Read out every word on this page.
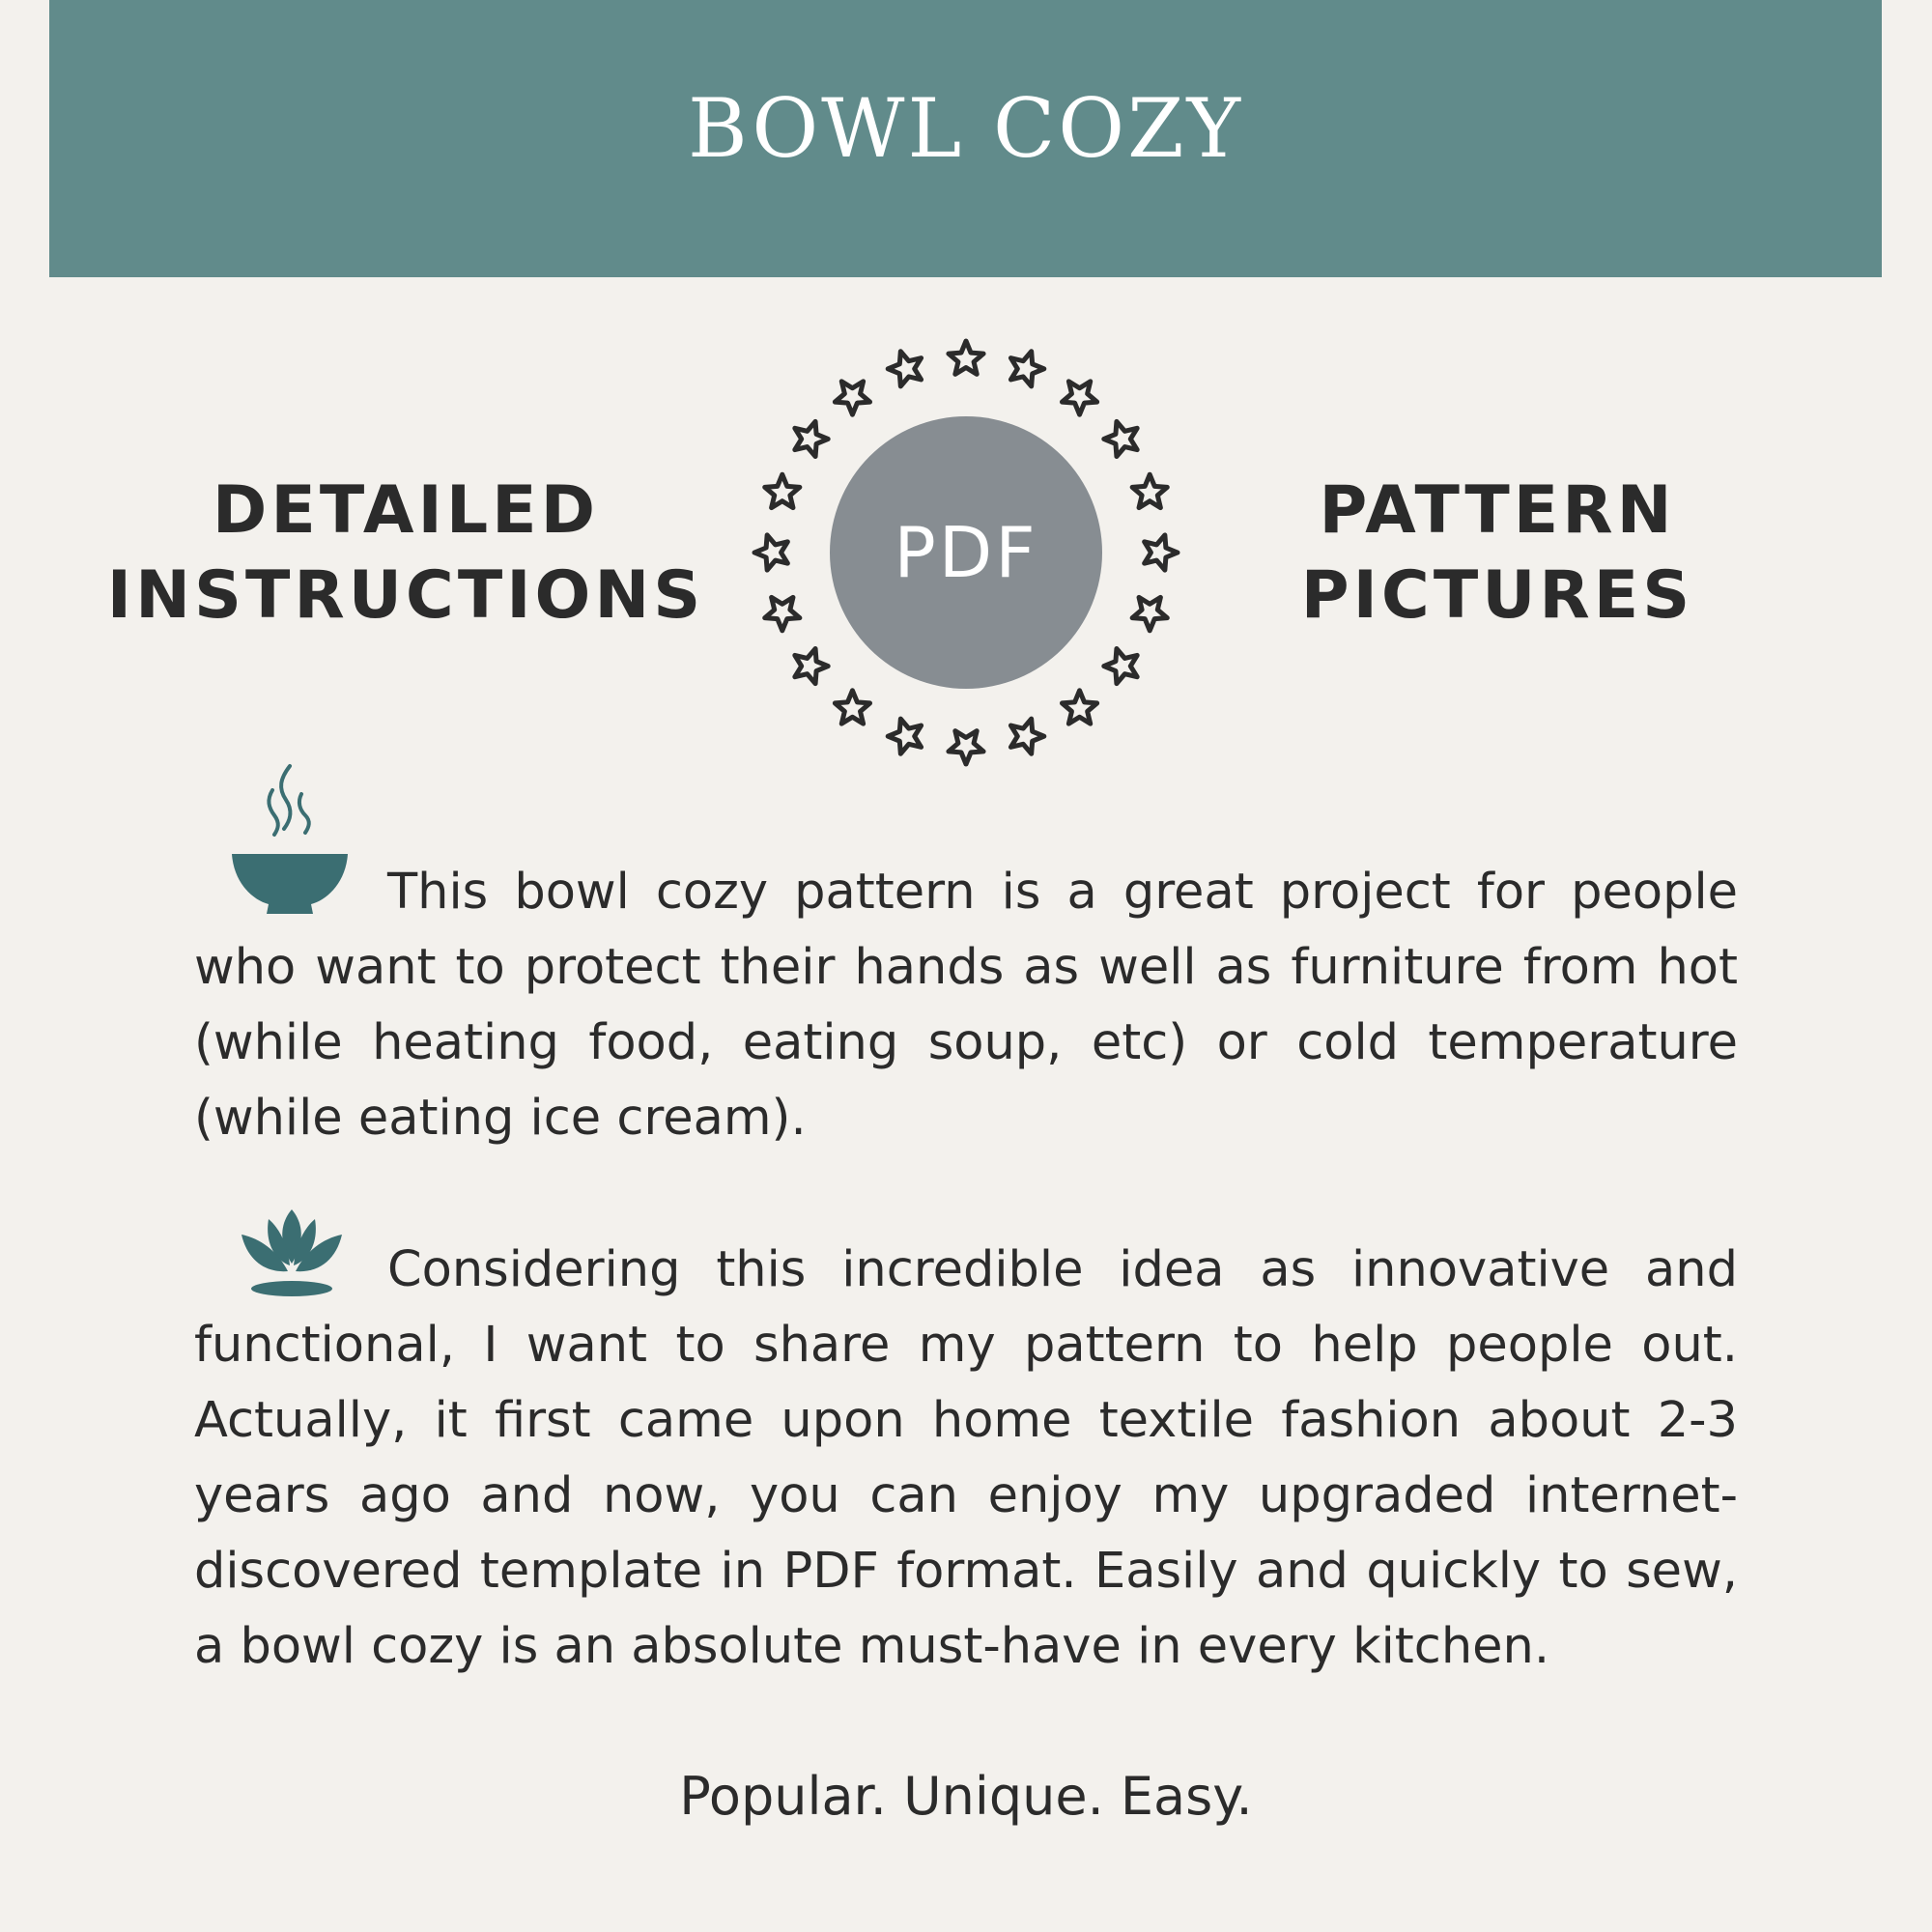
BOWL COZY
DETAILED
INSTRUCTIONS
PDF
PATTERN
PICTURES

This bowl cozy pattern is a great project for people who want to protect their hands as well as furniture from hot (while heating food, eating soup, etc) or cold temperature (while eating ice cream).

Considering this incredible idea as innovative and functional, I want to share my pattern to help people out. Actually, it first came upon home textile fashion about 2-3 years ago and now, you can enjoy my upgraded internet-discovered template in PDF format. Easily and quickly to sew, a bowl cozy is an absolute must-have in every kitchen.

Popular. Unique. Easy.
